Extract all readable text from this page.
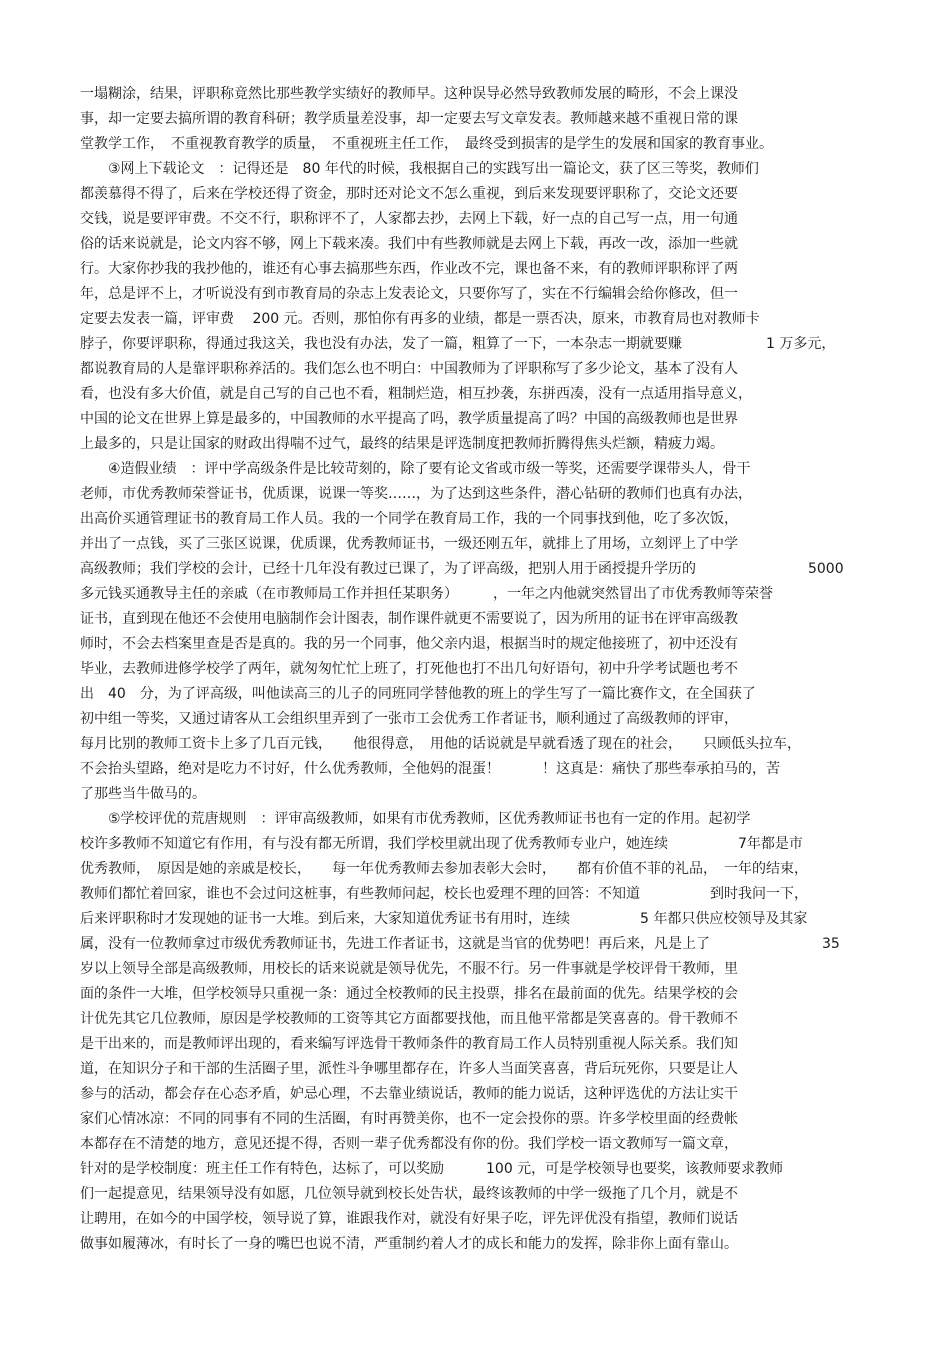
一塌糊涂，结果，评职称竟然比那些教学实绩好的教师早。这种误导必然导致教师发展的畸形，不会上课没
事，却一定要去搞所谓的教育科研；教学质量差没事，却一定要去写文章发表。教师越来越不重视日常的课
堂教学工作，　不重视教育教学的质量，　不重视班主任工作，　最终受到损害的是学生的发展和国家的教育事业。
③网上下载论文　：记得还是　80 年代的时候，我根据自己的实践写出一篇论文，获了区三等奖，教师们
都羡慕得不得了，后来在学校还得了资金，那时还对论文不怎么重视，到后来发现要评职称了，交论文还要
交钱，说是要评审费。不交不行，职称评不了，人家都去抄，去网上下载，好一点的自己写一点，用一句通
俗的话来说就是，论文内容不够，网上下载来凑。我们中有些教师就是去网上下载，再改一改，添加一些就
行。大家你抄我的我抄他的，谁还有心事去搞那些东西，作业改不完，课也备不来，有的教师评职称评了两
年，总是评不上，才听说没有到市教育局的杂志上发表论文，只要你写了，实在不行编辑会给你修改，但一
定要去发表一篇，评审费　 200 元。否则，那怕你有再多的业绩，都是一票否决，原来，市教育局也对教师卡
脖子，你要评职称，得通过我这关，我也没有办法，发了一篇，粗算了一下，一本杂志一期就要赚　　　　　　1 万多元，
都说教育局的人是靠评职称养活的。我们怎么也不明白：中国教师为了评职称写了多少论文，基本了没有人
看，也没有多大价值，就是自己写的自己也不看，粗制烂造，相互抄袭，东拼西凑，没有一点适用指导意义，
中国的论文在世界上算是最多的，中国教师的水平提高了吗，教学质量提高了吗？中国的高级教师也是世界
上最多的，只是让国家的财政出得喘不过气，最终的结果是评选制度把教师折腾得焦头烂额，精疲力竭。
④造假业绩　：评中学高级条件是比较苛刻的，除了要有论文省或市级一等奖，还需要学课带头人，骨干
老师，市优秀教师荣誉证书，优质课，说课一等奖……，为了达到这些条件，潜心钻研的教师们也真有办法，
出高价买通管理证书的教育局工作人员。我的一个同学在教育局工作，我的一个同事找到他，吃了多次饭，
并出了一点钱，买了三张区说课，优质课，优秀教师证书，一级还刚五年，就排上了用场，立刻评上了中学
高级教师；我们学校的会计，已经十几年没有教过已课了，为了评高级，把别人用于函授提升学历的　　　　　　　　5000
多元钱买通教导主任的亲戚（在市教师局工作并担任某职务）　　　，一年之内他就突然冒出了市优秀教师等荣誉
证书，直到现在他还不会使用电脑制作会计图表，制作课件就更不需要说了，因为所用的证书在评审高级教
师时，不会去档案里查是否是真的。我的另一个同事，他父亲内退，根据当时的规定他接班了，初中还没有
毕业，去教师进修学校学了两年，就匆匆忙忙上班了，打死他也打不出几句好语句，初中升学考试题也考不
出　40　分，为了评高级，叫他读高三的儿子的同班同学替他教的班上的学生写了一篇比赛作文，在全国获了
初中组一等奖，又通过请客从工会组织里弄到了一张市工会优秀工作者证书，顺利通过了高级教师的评审，
每月比别的教师工资卡上多了几百元钱，　　他很得意，　用他的话说就是早就看透了现在的社会，　　只顾低头拉车，
不会抬头望路，绝对是吃力不讨好，什么优秀教师，全他妈的混蛋！　　　！这真是：痛快了那些奉承拍马的，苦
了那些当牛做马的。
⑤学校评优的荒唐规则　：评审高级教师，如果有市优秀教师，区优秀教师证书也有一定的作用。起初学
校许多教师不知道它有作用，有与没有都无所谓，我们学校里就出现了优秀教师专业户，她连续　　　　　7年都是市
优秀教师，　原因是她的亲戚是校长，　　每一年优秀教师去参加表彰大会时，　　都有价值不菲的礼品，　一年的结束，
教师们都忙着回家，谁也不会过问这桩事，有些教师问起，校长也爱理不理的回答：不知道　　　　　到时我问一下，
后来评职称时才发现她的证书一大堆。到后来，大家知道优秀证书有用时，连续　　　　　5 年都只供应校领导及其家
属，没有一位教师拿过市级优秀教师证书，先进工作者证书，这就是当官的优势吧！再后来，凡是上了　　　　　　　　35
岁以上领导全部是高级教师，用校长的话来说就是领导优先，不服不行。另一件事就是学校评骨干教师，里
面的条件一大堆，但学校领导只重视一条：通过全校教师的民主投票，排名在最前面的优先。结果学校的会
计优先其它几位教师，原因是学校教师的工资等其它方面都要找他，而且他平常都是笑喜喜的。骨干教师不
是干出来的，而是教师评出现的，看来编写评选骨干教师条件的教育局工作人员特别重视人际关系。我们知
道，在知识分子和干部的生活圈子里，派性斗争哪里都存在，许多人当面笑喜喜，背后玩死你，只要是让人
参与的活动，都会存在心态矛盾，妒忌心理，不去靠业绩说话，教师的能力说话，这种评选优的方法让实干
家们心情冰凉：不同的同事有不同的生活圈，有时再赞美你，也不一定会投你的票。许多学校里面的经费帐
本都存在不清楚的地方，意见还提不得，否则一辈子优秀都没有你的份。我们学校一语文教师写一篇文章，
针对的是学校制度：班主任工作有特色，达标了，可以奖励　　　100 元，可是学校领导也要奖，该教师要求教师
们一起提意见，结果领导没有如愿，几位领导就到校长处告状，最终该教师的中学一级拖了几个月，就是不
让聘用，在如今的中国学校，领导说了算，谁跟我作对，就没有好果子吃，评先评优没有指望，教师们说话
做事如履薄冰，有时长了一身的嘴巴也说不清，严重制约着人才的成长和能力的发挥，除非你上面有靠山。
